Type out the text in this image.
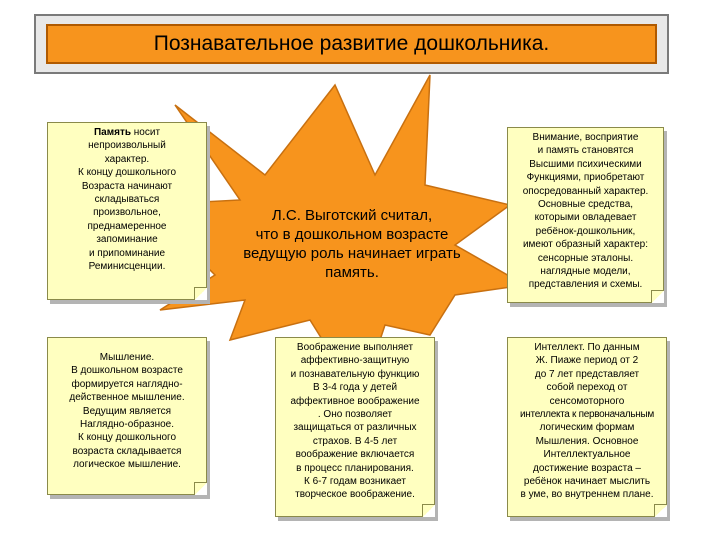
Познавательное развитие дошкольника.
Л.С. Выготский считал,
что в дошкольном возрасте
ведущую роль начинает играть
память.
Память носит
непроизвольный
характер.
К концу дошкольного
Возраста начинают
складываться
произвольное,
преднамеренное
запоминание
и припоминание
Реминисценции.
Внимание, восприятие
и память становятся
Высшими психическими
Функциями, приобретают
опосредованный характер.
Основные средства,
которыми овладевает
ребёнок-дошкольник,
имеют образный характер:
сенсорные эталоны.
наглядные модели,
представления и схемы.
Мышление.
В дошкольном возрасте
формируется наглядно-
действенное мышление.
Ведущим является
Наглядно-образное.
К концу дошкольного
возраста складывается
логическое мышление.
Воображение выполняет
аффективно-защитную
и познавательную функцию
В 3-4 года у детей
аффективное воображение
. Оно позволяет
защищаться от различных
страхов. В 4-5 лет
воображение включается
в процесс планирования.
К 6-7 годам возникает
творческое воображение.
Интеллект. По данным
Ж. Пиаже период от 2
до 7 лет представляет
собой переход от
сенсомоторного
интеллекта к первоначальным
логическим формам
Мышления. Основное
Интеллектуальное
достижение возраста –
ребёнок начинает мыслить
в уме, во внутреннем плане.
